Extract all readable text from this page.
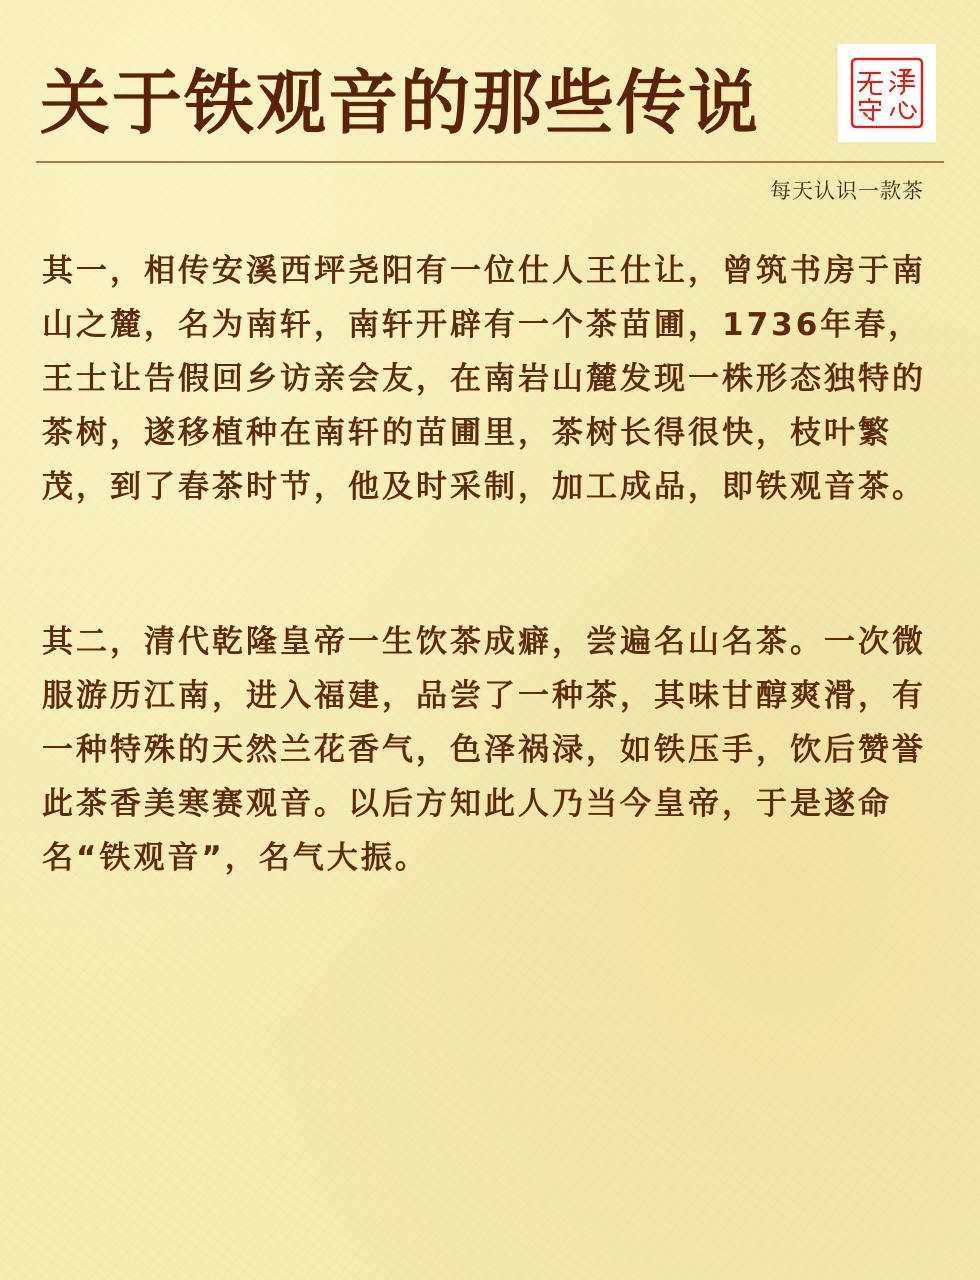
关于铁观音的那些传说
每天认识一款茶

其一，相传安溪西坪尧阳有一位仕人王仕让，曾筑书房于南山之麓，名为南轩，南轩开辟有一个茶苗圃，1736年春，王士让告假回乡访亲会友，在南岩山麓发现一株形态独特的茶树，遂移植种在南轩的苗圃里，茶树长得很快，枝叶繁茂，到了春茶时节，他及时采制，加工成品，即铁观音茶。

其二，清代乾隆皇帝一生饮茶成癖，尝遍名山名茶。一次微服游历江南，进入福建，品尝了一种茶，其味甘醇爽滑，有一种特殊的天然兰花香气，色泽祸渌，如铁压手，饮后赞誉此茶香美寒赛观音。以后方知此人乃当今皇帝，于是遂命名“铁观音”，名气大振。
